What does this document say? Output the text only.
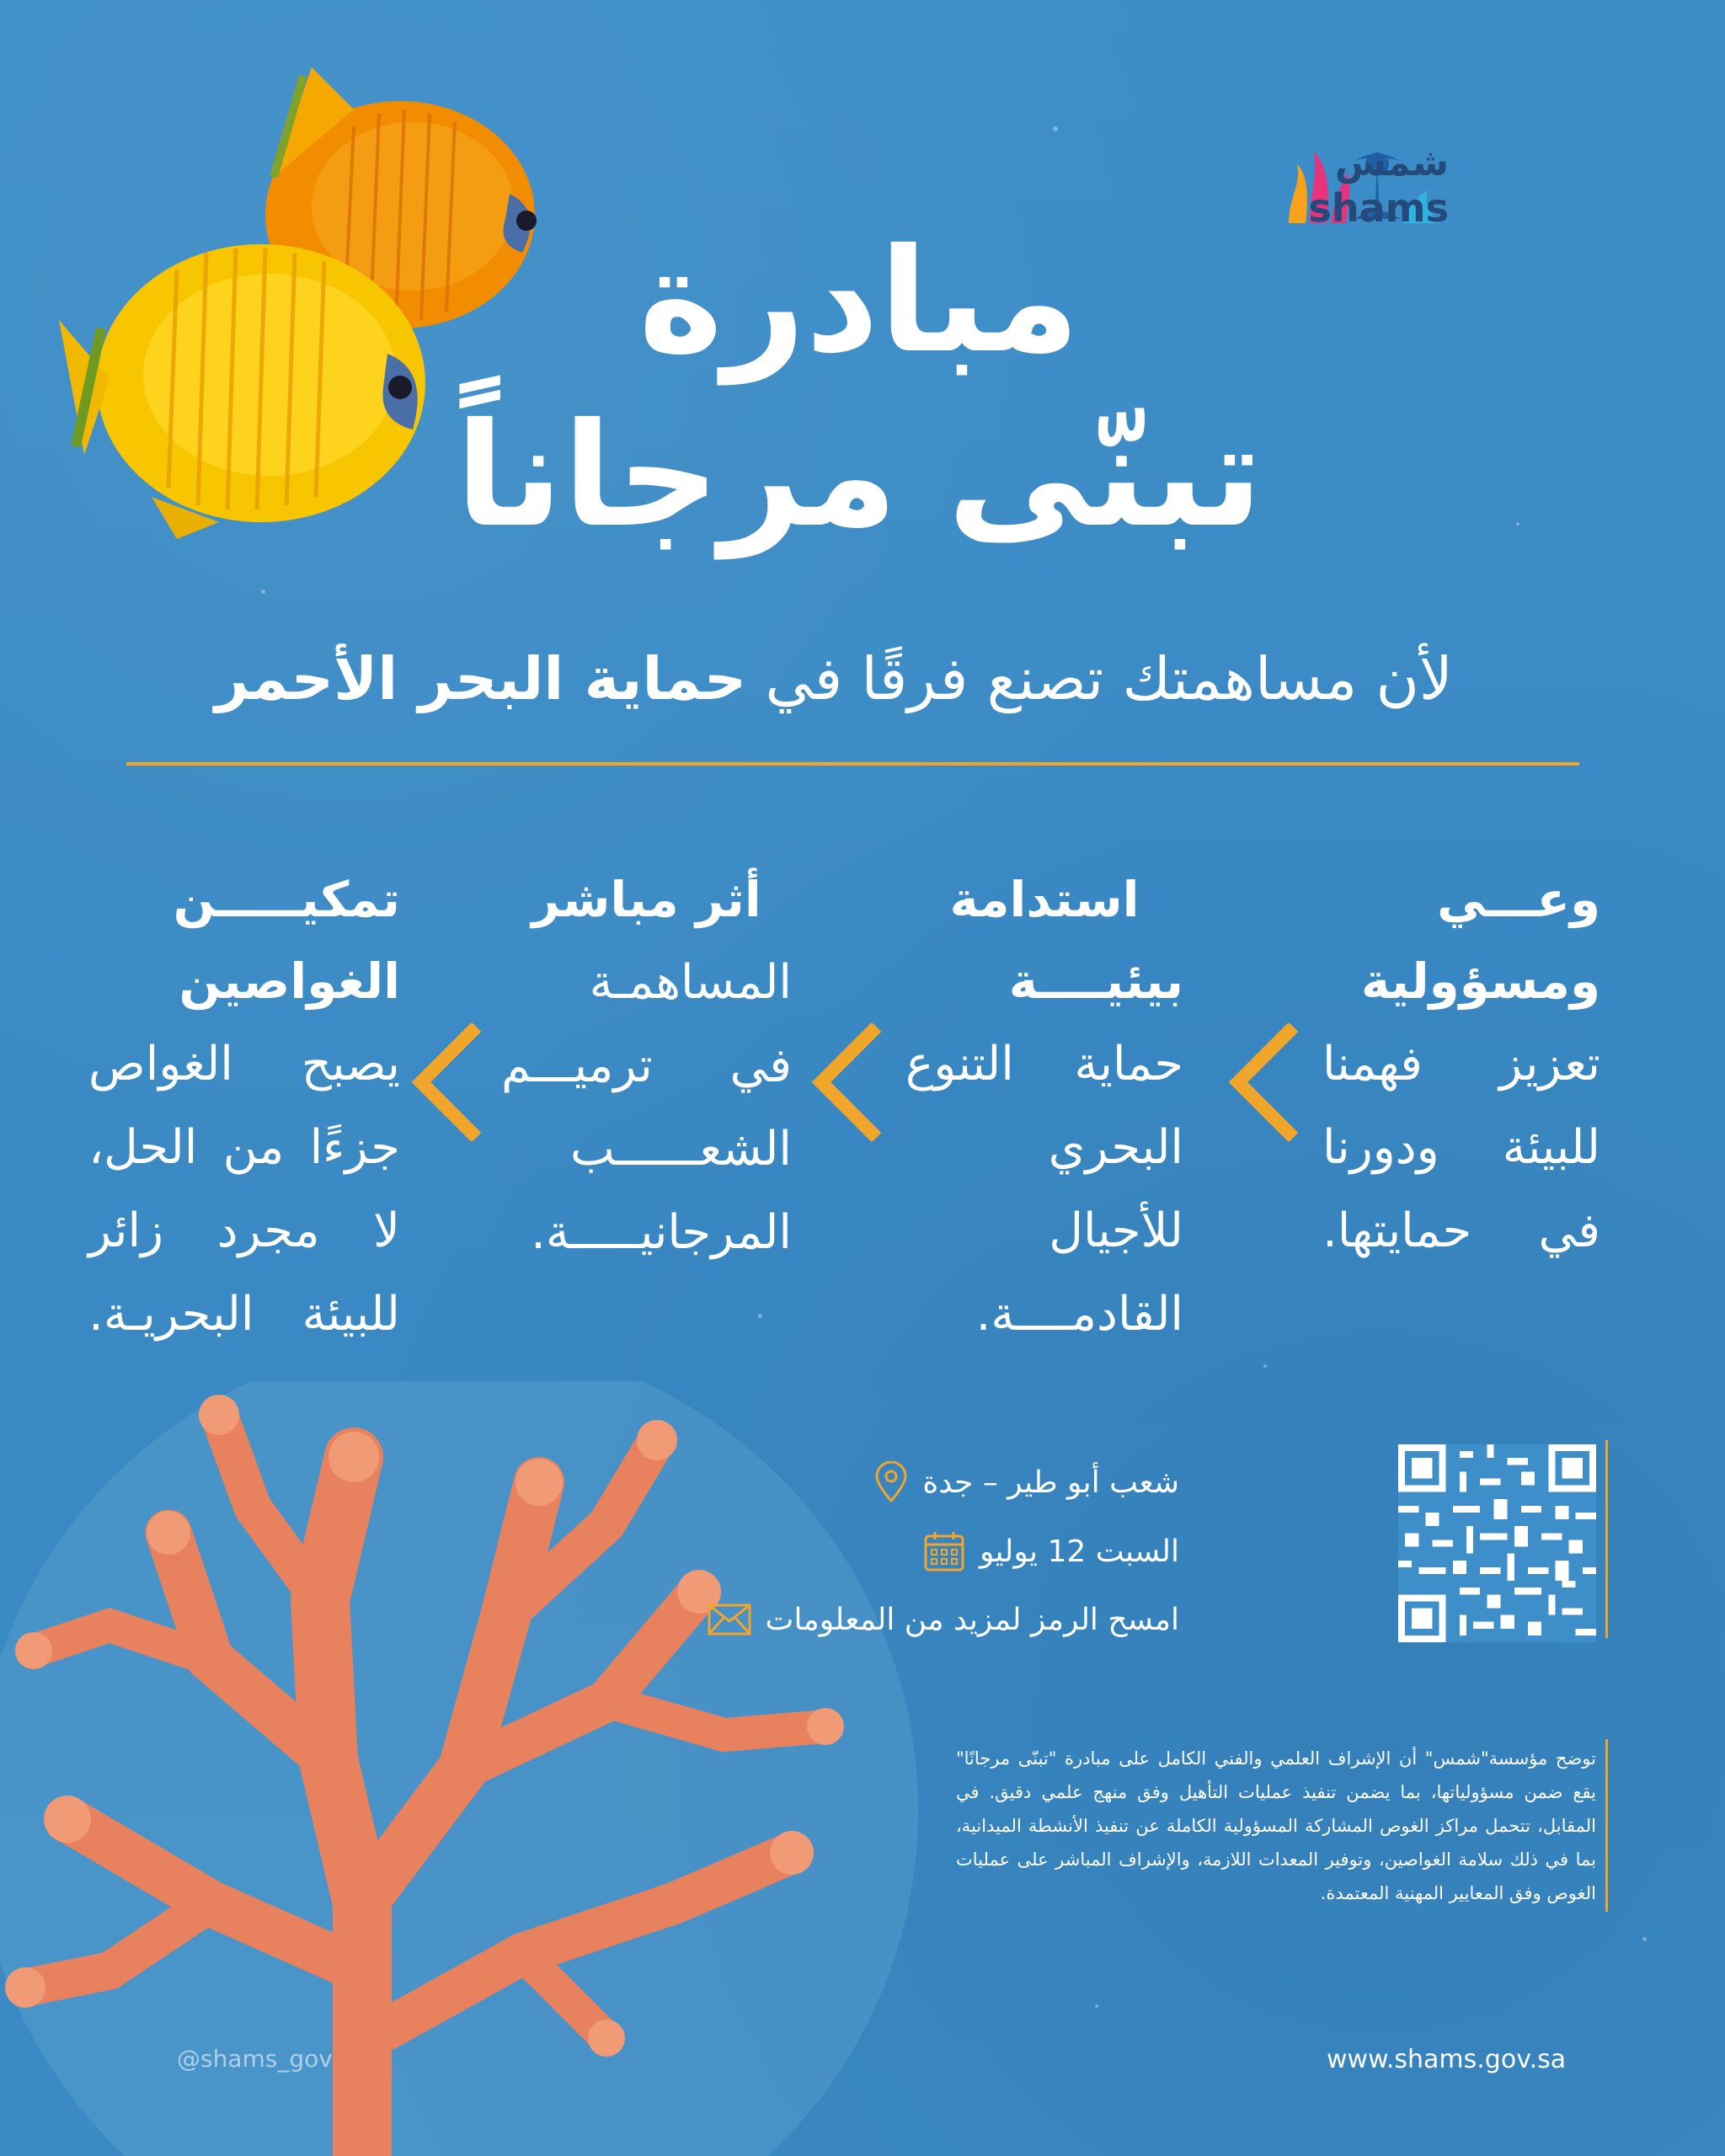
شمس
shams
مبادرة
تبنّى مرجاناً
لأن مساهمتك تصنع فرقًا في حماية البحر الأحمر
وعـــي
ومسؤولية
تعزيز فهمنا
للبيئة ودورنا
في حمايتها.
استدامة
بيئيــــة
حماية التنوع
البحري للأجيال
القادمــــة.
أثر مباشر
المساهمـة
في ترميـــم
الشعــــــب
المرجانيـــــة.
تمكيـــــن
الغواصين
يصبح الغواص
جزءًا من الحل،
لا مجرد زائر
للبيئة البحريـة.
شعب أبو طير – جدة
السبت 12 يوليو
امسح الرمز لمزيد من المعلومات
توضح مؤسسة"شمس" أن الإشراف العلمي والفني الكامل على مبادرة "تبنّى مرجانًا" يقع ضمن مسؤولياتها، بما يضمن تنفيذ عمليات التأهيل وفق منهج علمي دقيق. في المقابل، تتحمل مراكز الغوص المشاركة المسؤولية الكاملة عن تنفيذ الأنشطة الميدانية، بما في ذلك سلامة الغواصين، وتوفير المعدات اللازمة، والإشراف المباشر على عمليات الغوص وفق المعايير المهنية المعتمدة.
@shams_gov	www.shams.gov.sa
